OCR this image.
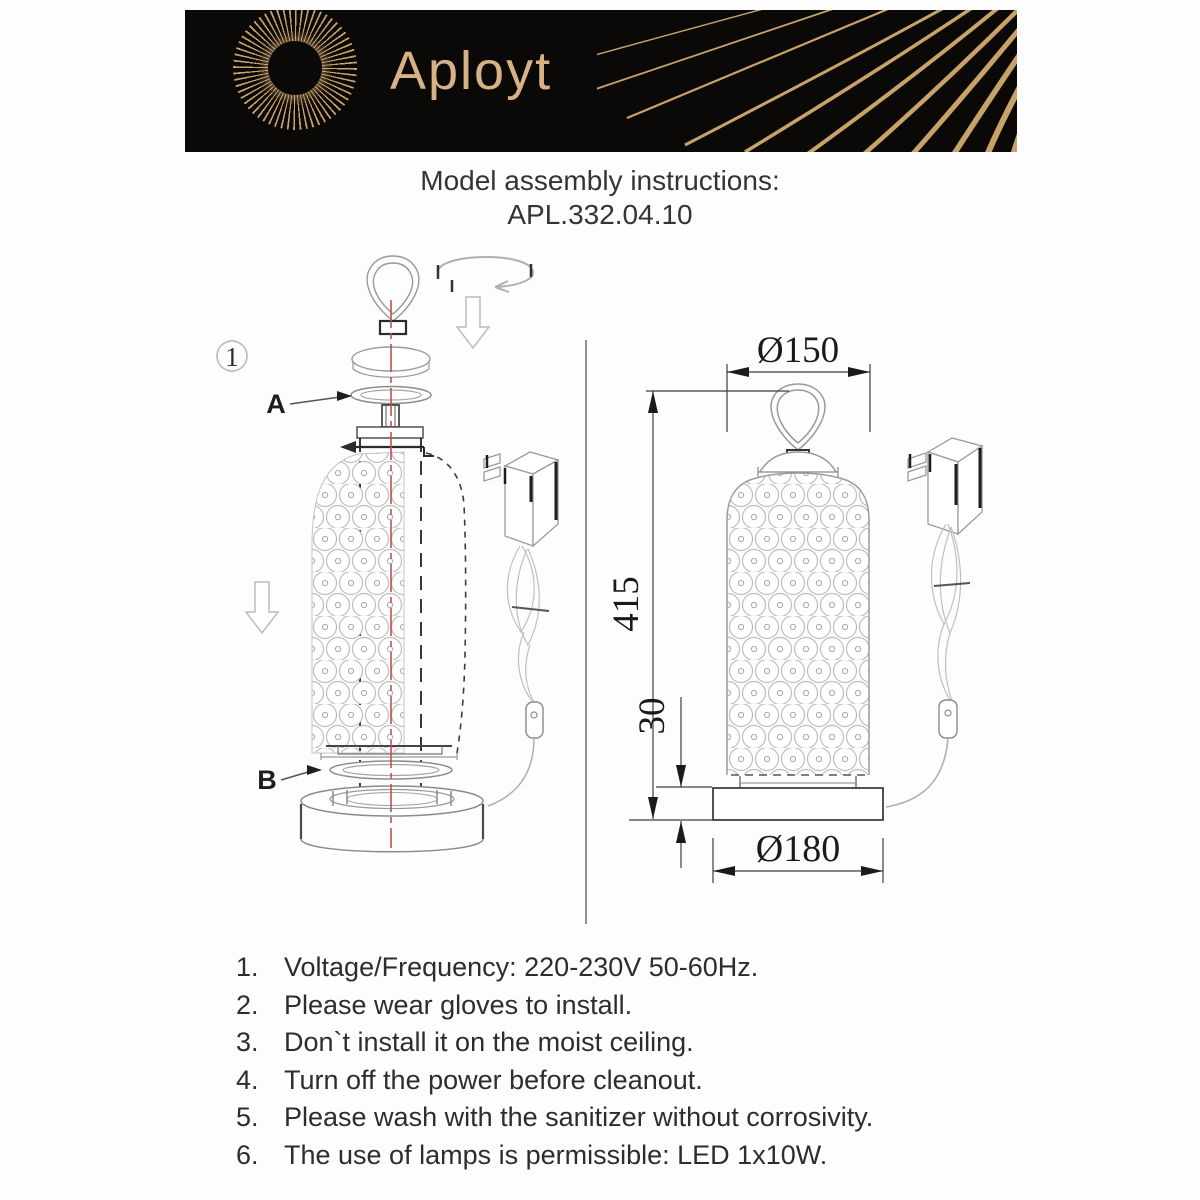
Aployt
Model assembly instructions:
APL.332.04.10
1
A
B
Ø150
415
30
Ø180
1. Voltage/Frequency: 220-230V 50-60Hz.
2. Please wear gloves to install.
3. Don`t install it on the moist ceiling.
4. Turn off the power before cleanout.
5. Please wash with the sanitizer without corrosivity.
6. The use of lamps is permissible: LED 1x10W.
